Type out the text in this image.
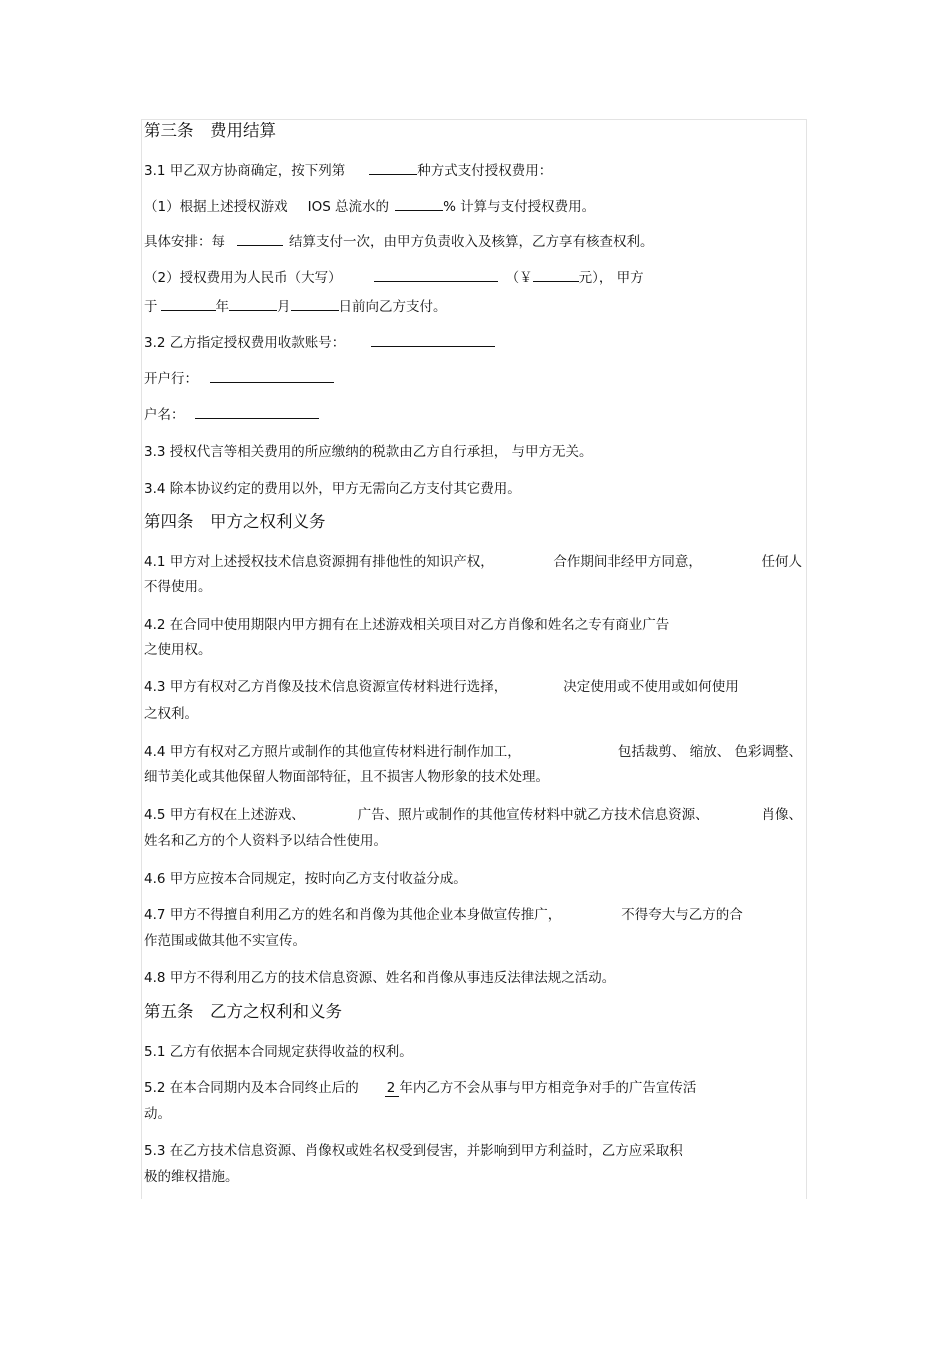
第三条　费用结算
3.1 甲乙双方协商确定，按下列第	种方式支付授权费用：
（1）根据上述授权游戏 IOS 总流水的	% 计算与支付授权费用。
具体安排：每	结算支付一次，由甲方负责收入及核算，乙方享有核查权利。
（2）授权费用为人民币（大写）	（￥	元）， 甲方
于	年	月	日前向乙方支付。
3.2 乙方指定授权费用收款账号：
开户行：
户名：
3.3 授权代言等相关费用的所应缴纳的税款由乙方自行承担， 与甲方无关。
3.4 除本协议约定的费用以外，甲方无需向乙方支付其它费用。
第四条　甲方之权利义务
4.1 甲方对上述授权技术信息资源拥有排他性的知识产权，	合作期间非经甲方同意，	任何人
不得使用。
4.2 在合同中使用期限内甲方拥有在上述游戏相关项目对乙方肖像和姓名之专有商业广告
之使用权。
4.3 甲方有权对乙方肖像及技术信息资源宣传材料进行选择，	决定使用或不使用或如何使用
之权利。
4.4 甲方有权对乙方照片或制作的其他宣传材料进行制作加工，	包括裁剪、 缩放、 色彩调整、
细节美化或其他保留人物面部特征，且不损害人物形象的技术处理。
4.5 甲方有权在上述游戏、	广告、照片或制作的其他宣传材料中就乙方技术信息资源、	肖像、
姓名和乙方的个人资料予以结合性使用。
4.6 甲方应按本合同规定，按时向乙方支付收益分成。
4.7 甲方不得擅自利用乙方的姓名和肖像为其他企业本身做宣传推广，	不得夸大与乙方的合
作范围或做其他不实宣传。
4.8 甲方不得利用乙方的技术信息资源、姓名和肖像从事违反法律法规之活动。
第五条　乙方之权利和义务
5.1 乙方有依据本合同规定获得收益的权利。
5.2 在本合同期内及本合同终止后的 2 年内乙方不会从事与甲方相竞争对手的广告宣传活
动。
5.3 在乙方技术信息资源、肖像权或姓名权受到侵害，并影响到甲方利益时，乙方应采取积
极的维权措施。
